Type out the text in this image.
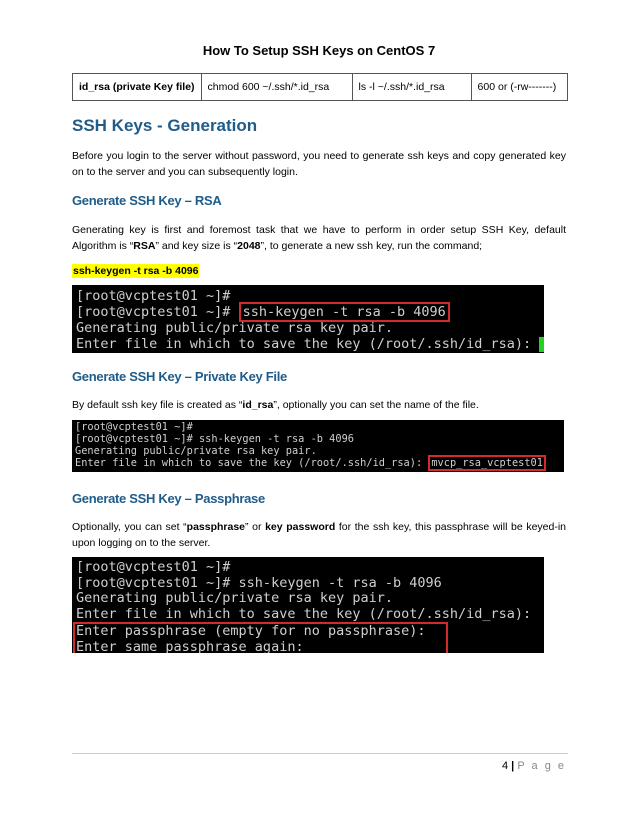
How To Setup SSH Keys on CentOS 7
id_rsa (private Key file)	chmod 600 ~/.ssh/*.id_rsa	ls -l ~/.ssh/*.id_rsa	600 or (-rw-------)
SSH Keys - Generation
Before you login to the server without password, you need to generate ssh keys and copy generated key on to the server and you can subsequently login.
Generate SSH Key – RSA
Generating key is first and foremost task that we have to perform in order setup SSH Key, default Algorithm is “RSA” and key size is “2048”, to generate a new ssh key, run the command;
ssh-keygen -t rsa -b 4096
[root@vcptest01 ~]#
[root@vcptest01 ~]# ssh-keygen -t rsa -b 4096
Generating public/private rsa key pair.
Enter file in which to save the key (/root/.ssh/id_rsa):
Generate SSH Key – Private Key File
By default ssh key file is created as “id_rsa”, optionally you can set the name of the file.
[root@vcptest01 ~]#
[root@vcptest01 ~]# ssh-keygen -t rsa -b 4096
Generating public/private rsa key pair.
Enter file in which to save the key (/root/.ssh/id_rsa): mvcp_rsa_vcptest01
Generate SSH Key – Passphrase
Optionally, you can set “passphrase” or key password for the ssh key, this passphrase will be keyed-in upon logging on to the server.
[root@vcptest01 ~]#
[root@vcptest01 ~]# ssh-keygen -t rsa -b 4096
Generating public/private rsa key pair.
Enter file in which to save the key (/root/.ssh/id_rsa):
Enter passphrase (empty for no passphrase):
Enter same passphrase again:
4 | P a g e
